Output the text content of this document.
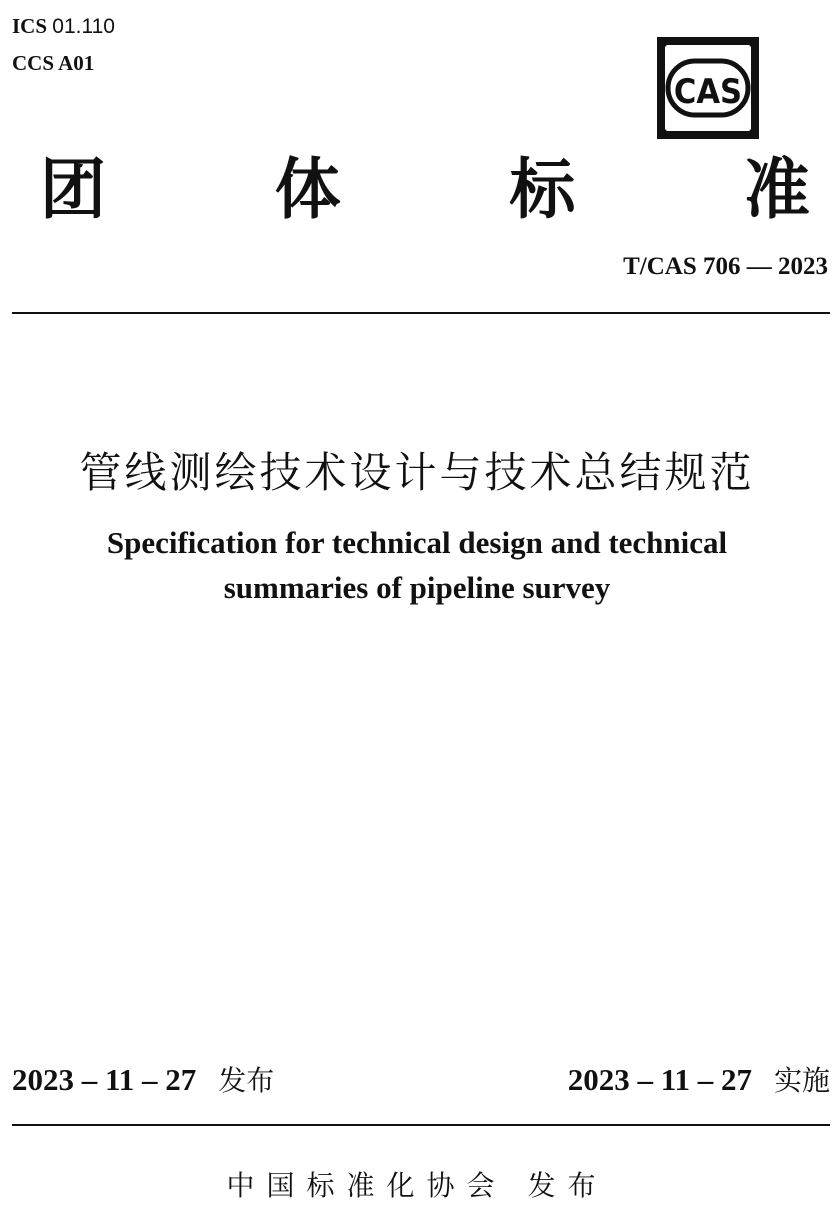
ICS 01.110
CCS A01
CAS
团	体	标	准
T/CAS 706 — 2023
管线测绘技术设计与技术总结规范
Specification for technical design and technical
summaries of pipeline survey
2023 – 11 – 27 发布	2023 – 11 – 27 实施
中国标准化协会 发布
